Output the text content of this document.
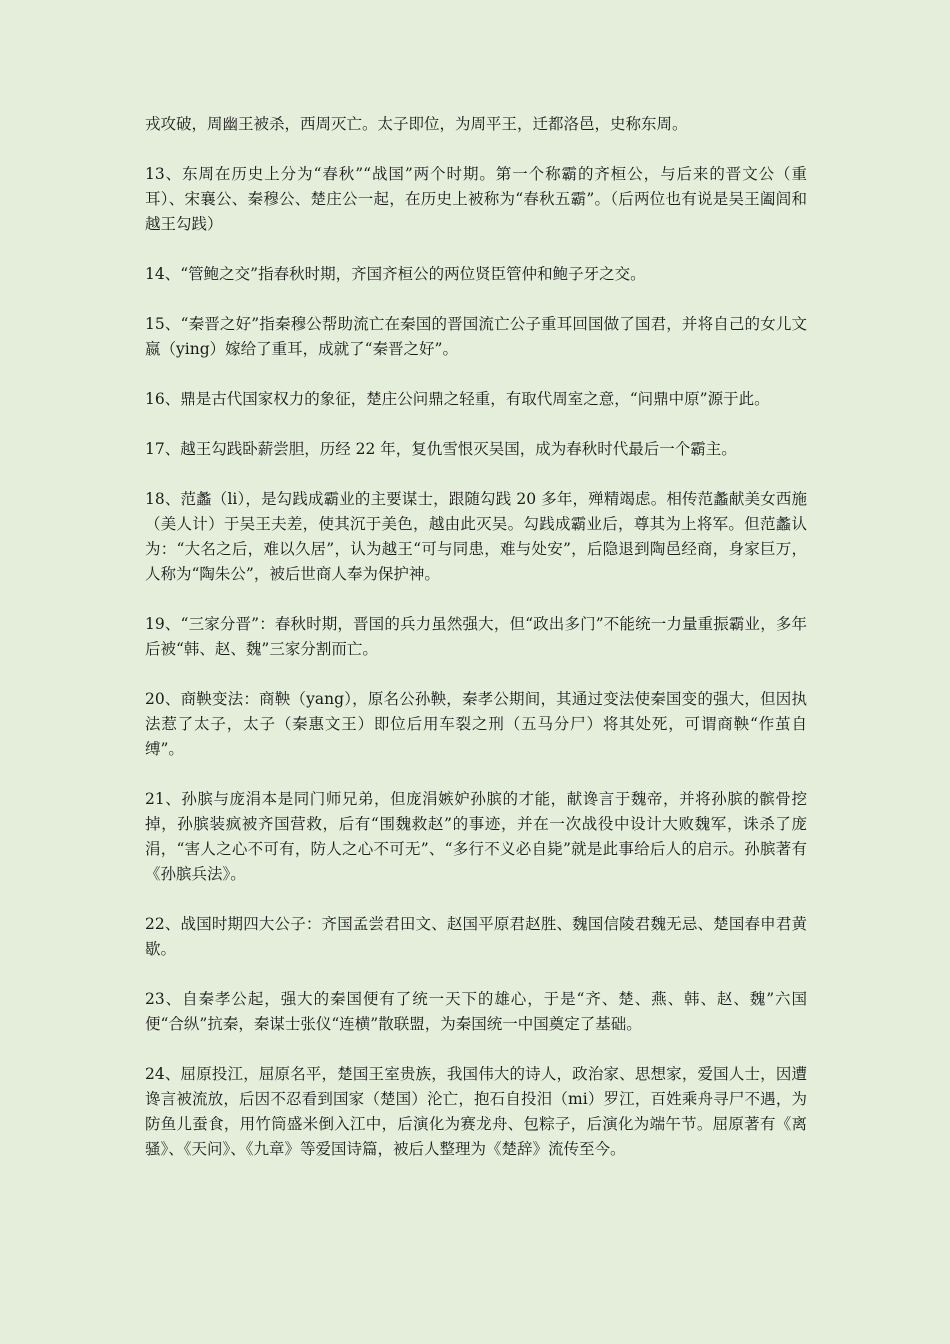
戎攻破，周幽王被杀，西周灭亡。太子即位，为周平王，迁都洛邑，史称东周。

13、东周在历史上分为“春秋”“战国”两个时期。第一个称霸的齐桓公，与后来的晋文公（重耳）、宋襄公、秦穆公、楚庄公一起，在历史上被称为“春秋五霸”。（后两位也有说是吴王阖闾和越王勾践）

14、“管鲍之交”指春秋时期，齐国齐桓公的两位贤臣管仲和鲍子牙之交。

15、“秦晋之好”指秦穆公帮助流亡在秦国的晋国流亡公子重耳回国做了国君，并将自己的女儿文嬴（ying）嫁给了重耳，成就了“秦晋之好”。

16、鼎是古代国家权力的象征，楚庄公问鼎之轻重，有取代周室之意，“问鼎中原”源于此。

17、越王勾践卧薪尝胆，历经 22 年，复仇雪恨灭吴国，成为春秋时代最后一个霸主。

18、范蠡（li），是勾践成霸业的主要谋士，跟随勾践 20 多年，殚精竭虑。相传范蠡献美女西施（美人计）于吴王夫差，使其沉于美色，越由此灭吴。勾践成霸业后，尊其为上将军。但范蠡认为：“大名之后，难以久居”，认为越王“可与同患，难与处安”，后隐退到陶邑经商，身家巨万，人称为“陶朱公”，被后世商人奉为保护神。

19、“三家分晋”：春秋时期，晋国的兵力虽然强大，但“政出多门”不能统一力量重振霸业，多年后被“韩、赵、魏”三家分割而亡。

20、商鞅变法：商鞅（yang），原名公孙鞅，秦孝公期间，其通过变法使秦国变的强大，但因执法惹了太子，太子（秦惠文王）即位后用车裂之刑（五马分尸）将其处死，可谓商鞅“作茧自缚”。

21、孙膑与庞涓本是同门师兄弟，但庞涓嫉妒孙膑的才能，献谗言于魏帝，并将孙膑的髌骨挖掉，孙膑装疯被齐国营救，后有“围魏救赵”的事迹，并在一次战役中设计大败魏军，诛杀了庞涓，“害人之心不可有，防人之心不可无”、“多行不义必自毙”就是此事给后人的启示。孙膑著有《孙膑兵法》。

22、战国时期四大公子：齐国孟尝君田文、赵国平原君赵胜、魏国信陵君魏无忌、楚国春申君黄歇。

23、自秦孝公起，强大的秦国便有了统一天下的雄心，于是“齐、楚、燕、韩、赵、魏”六国便“合纵”抗秦，秦谋士张仪“连横”散联盟，为秦国统一中国奠定了基础。

24、屈原投江，屈原名平，楚国王室贵族，我国伟大的诗人，政治家、思想家，爱国人士，因遭谗言被流放，后因不忍看到国家（楚国）沦亡，抱石自投汨（mi）罗江，百姓乘舟寻尸不遇，为防鱼儿蚕食，用竹筒盛米倒入江中，后演化为赛龙舟、包粽子，后演化为端午节。屈原著有《离骚》、《天问》、《九章》等爱国诗篇，被后人整理为《楚辞》流传至今。
